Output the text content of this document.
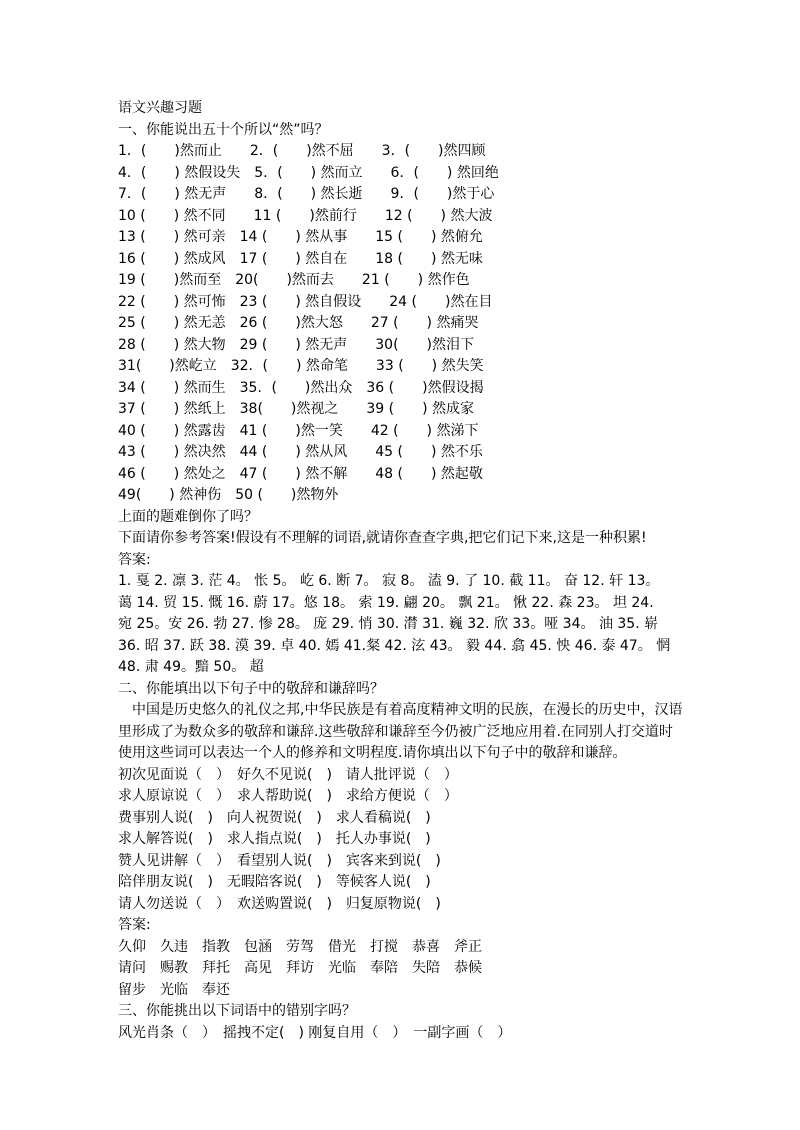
语文兴趣习题
一、你能说出五十个所以“然”吗？
1．(　　)然而止　　2．(　　)然不屈　　3．(　　)然四顾
4．(　　) 然假设失　5．(　　) 然而立　　6．(　　) 然回绝
7．(　　) 然无声　　8．(　　) 然长逝　　9．(　　)然于心
10 (　　) 然不同　　11 (　　)然前行　　12 (　　) 然大波
13 (　　) 然可亲　14 (　　) 然从事　　15 (　　) 然俯允
16 (　　) 然成风　17 (　　) 然自在　　18 (　　) 然无味
19 (　　)然而至　20(　　)然而去　　21 (　　) 然作色
22 (　　) 然可怖　23 (　　) 然自假设　　24 (　　)然在目
25 (　　) 然无恙　26 (　　)然大怒　　27 (　　) 然痛哭
28 (　　) 然大物　29 (　　) 然无声　　30(　　)然泪下
31(　　)然屹立　32．(　　) 然命笔　　33 (　　) 然失笑
34 (　　) 然而生　35．(　　)然出众　36 (　　)然假设揭
37 (　　) 然纸上　38(　　)然视之　　39 (　　) 然成家
40 (　　) 然露齿　41 (　　)然一笑　　42 (　　) 然涕下
43 (　　) 然决然　44 (　　) 然从风　　45 (　　) 然不乐
46 (　　) 然处之　47 (　　) 然不解　　48 (　　) 然起敬
49(　　) 然神伤　50 (　　)然物外
上面的题难倒你了吗？
下面请你参考答案!假设有不理解的词语,就请你查查字典,把它们记下来,这是一种积累!
答案:
1. 戛 2. 凛 3. 茫 4。 怅 5。 屹 6. 断 7。 寂 8。 溘 9. 了 10. 截 11。 奋 12. 轩 13。
蔼 14. 贸 15. 慨 16. 蔚 17。悠 18。 索 19. 翩 20。 飘 21。 愀 22. 森 23。 坦 24.
宛 25。安 26. 勃 27. 惨 28。 庞 29. 悄 30. 潸 31. 巍 32. 欣 33。哑 34。 油 35. 崭
36. 昭 37. 跃 38. 漠 39. 卓 40. 嫣 41.粲 42. 泫 43。 毅 44. 翕 45. 怏 46. 泰 47。 惘
48. 肃 49。黯 50。 超
二、你能填出以下句子中的敬辞和谦辞吗？
　中国是历史悠久的礼仪之邦,中华民族是有着高度精神文明的民族，在漫长的历史中，汉语
里形成了为数众多的敬辞和谦辞.这些敬辞和谦辞至今仍被广泛地应用着.在同别人打交道时
使用这些词可以表达一个人的修养和文明程度.请你填出以下句子中的敬辞和谦辞。
初次见面说（　）　好久不见说(　)　请人批评说（　）
求人原谅说（　）　求人帮助说(　)　求给方便说（　）
费事别人说(　)　向人祝贺说(　)　求人看稿说(　)
求人解答说(　)　求人指点说(　)　托人办事说(　)
赞人见讲解（　）　看望别人说(　)　宾客来到说(　)
陪伴朋友说(　)　无暇陪客说(　)　等候客人说(　)
请人勿送说（　）　欢送购置说(　)　归复原物说(　)
答案:
久仰　久违　指教　包涵　劳驾　借光　打搅　恭喜　斧正
请问　赐教　拜托　高见　拜访　光临　奉陪　失陪　恭候
留步　光临　奉还
三、你能挑出以下词语中的错别字吗？
风光肖条（　）　摇拽不定(　) 刚复自用（　）　一副字画（　）
